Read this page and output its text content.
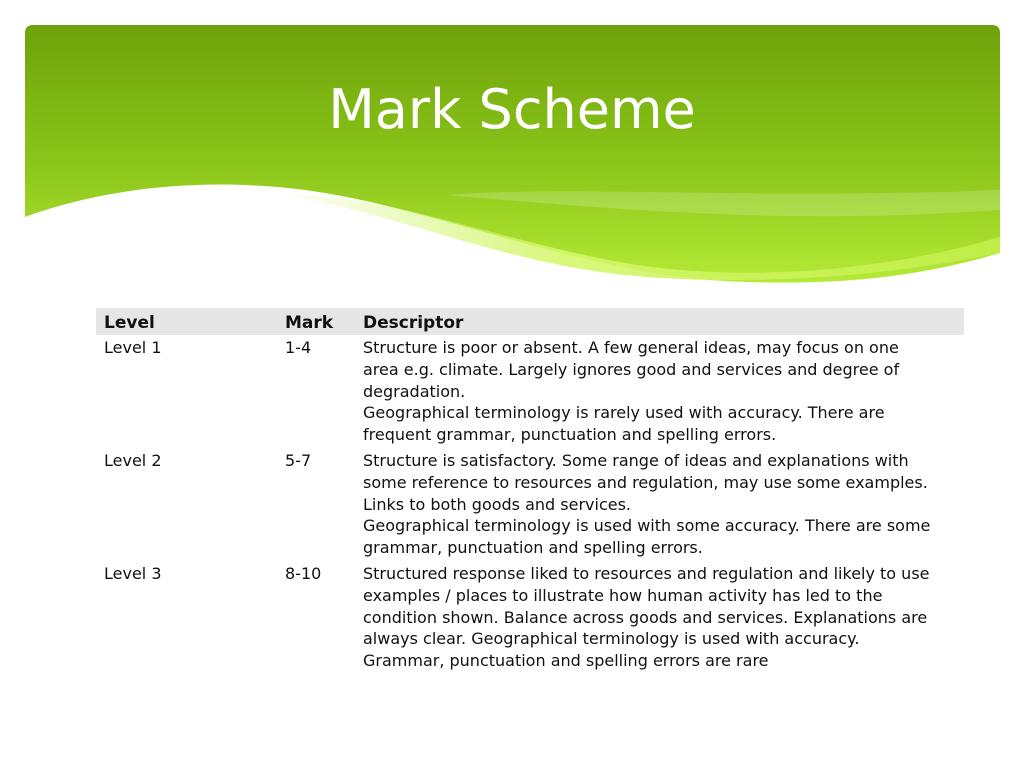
Mark Scheme
Level	Mark	Descriptor
Level 1	1-4	Structure is poor or absent. A few general ideas, may focus on one
area e.g. climate. Largely ignores good and services and degree of
degradation.
Geographical terminology is rarely used with accuracy. There are
frequent grammar, punctuation and spelling errors.

Level 2	5-7	Structure is satisfactory. Some range of ideas and explanations with
some reference to resources and regulation, may use some examples.
Links to both goods and services.
Geographical terminology is used with some accuracy. There are some
grammar, punctuation and spelling errors.

Level 3	8-10	Structured response liked to resources and regulation and likely to use
examples / places to illustrate how human activity has led to the
condition shown. Balance across goods and services. Explanations are
always clear. Geographical terminology is used with accuracy.
Grammar, punctuation and spelling errors are rare
